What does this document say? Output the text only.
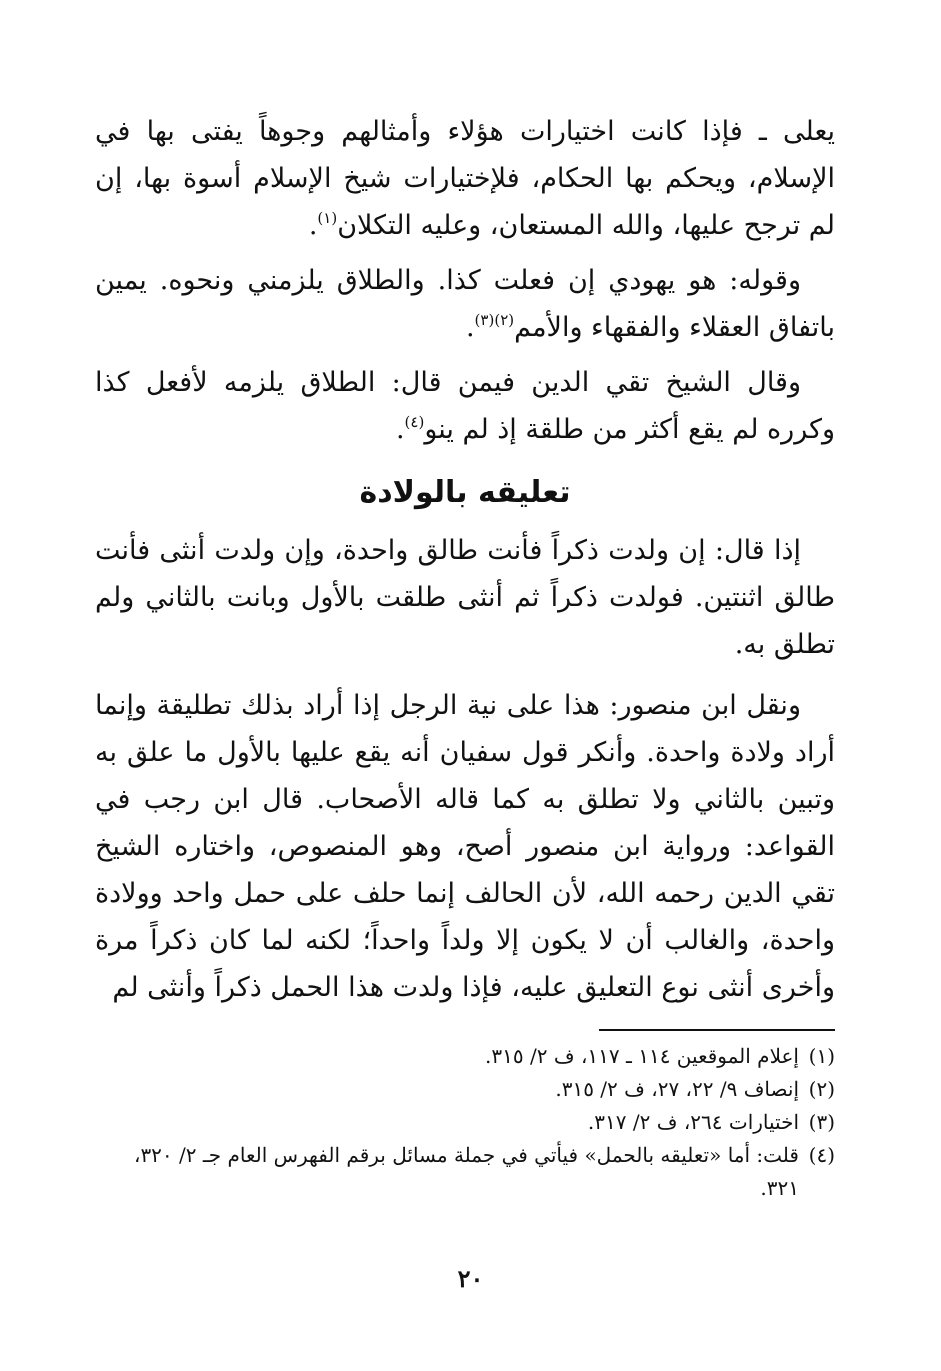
يعلى ـ فإذا كانت اختيارات هؤلاء وأمثالهم وجوهاً يفتى بها في الإسلام، ويحكم بها الحكام، فلإختيارات شيخ الإسلام أسوة بها، إن لم ترجح عليها، والله المستعان، وعليه التكلان$^{(١)}$.

وقوله: هو يهودي إن فعلت كذا. والطلاق يلزمني ونحوه. يمين باتفاق العقلاء والفقهاء والأمم$^{(٢)(٣)}$.

وقال الشيخ تقي الدين فيمن قال: الطلاق يلزمه لأفعل كذا وكرره لم يقع أكثر من طلقة إذ لم ينو$^{(٤)}$.

تعليقه بالولادة

إذا قال: إن ولدت ذكراً فأنت طالق واحدة، وإن ولدت أنثى فأنت طالق اثنتين. فولدت ذكراً ثم أنثى طلقت بالأول وبانت بالثاني ولم تطلق به.

ونقل ابن منصور: هذا على نية الرجل إذا أراد بذلك تطليقة وإنما أراد ولادة واحدة. وأنكر قول سفيان أنه يقع عليها بالأول ما علق به وتبين بالثاني ولا تطلق به كما قاله الأصحاب. قال ابن رجب في القواعد: ورواية ابن منصور أصح، وهو المنصوص، واختاره الشيخ تقي الدين رحمه الله، لأن الحالف إنما حلف على حمل واحد وولادة واحدة، والغالب أن لا يكون إلا ولداً واحداً؛ لكنه لما كان ذكراً مرة وأخرى أنثى نوع التعليق عليه، فإذا ولدت هذا الحمل ذكراً وأنثى لم

(١)
إعلام الموقعين ١١٤ ـ ١١٧، ف ٢/ ٣١٥.
(٢)
إنصاف ٩/ ٢٢، ٢٧، ف ٢/ ٣١٥.
(٣)
اختيارات ٢٦٤، ف ٢/ ٣١٧.
(٤)
قلت: أما «تعليقه بالحمل» فيأتي في جملة مسائل برقم الفهرس العام جـ ٢/ ٣٢٠، ٣٢١.
٢٠
